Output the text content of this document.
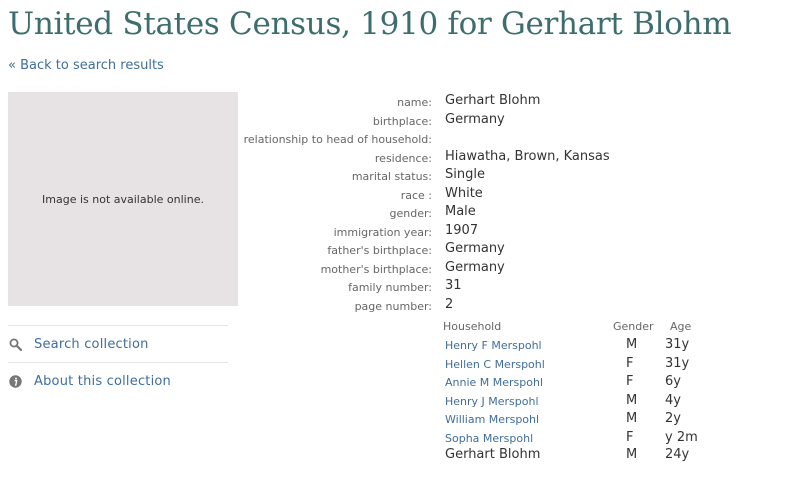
United States Census, 1910 for Gerhart Blohm
« Back to search results
Image is not available online.
Search collection
About this collection
name: Gerhart Blohm
birthplace: Germany
relationship to head of household:
residence: Hiawatha, Brown, Kansas
marital status: Single
race : White
gender: Male
immigration year: 1907
father's birthplace: Germany
mother's birthplace: Germany
family number: 31
page number: 2
Household	Gender Age
Henry F Merspohl	M 31y
Hellen C Merspohl	F 31y
Annie M Merspohl	F 6y
Henry J Merspohl	M 4y
William Merspohl	M 2y
Sopha Merspohl	F y 2m
Gerhart Blohm	M 24y
